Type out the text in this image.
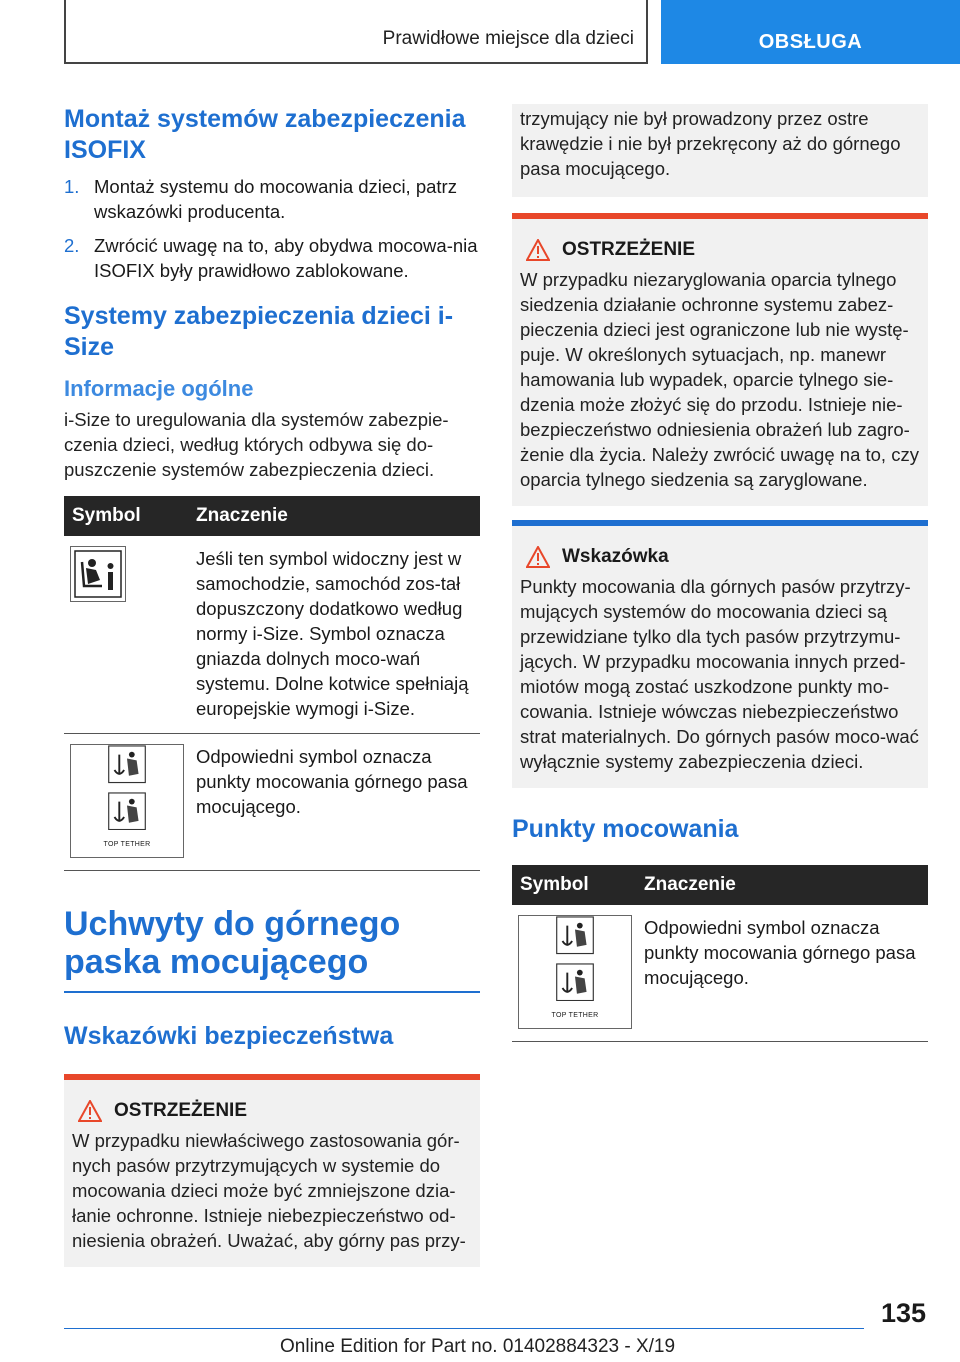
Prawidłowe miejsce dla dzieci	OBSŁUGA
Montaż systemów zabezpieczenia ISOFIX
1. Montaż systemu do mocowania dzieci, patrz wskazówki producenta.
2. Zwrócić uwagę na to, aby obydwa mocowa-nia ISOFIX były prawidłowo zablokowane.
Systemy zabezpieczenia dzieci i-Size
Informacje ogólne

i-Size to uregulowania dla systemów zabezpie-czenia dzieci, według których odbywa się do-puszczenie systemów zabezpieczenia dzieci.

Symbol	Znaczenie

	Jeśli ten symbol widoczny jest w samochodzie, samochód zos-tał dopuszczony dodatkowo według normy i-Size. Symbol oznacza gniazda dolnych moco-wań systemu. Dolne kotwice spełniają europejskie wymogi i-Size.

TOP TETHER	Odpowiedni symbol oznacza punkty mocowania górnego pasa mocującego.
Uchwyty do górnego paska mocującego
Wskazówki bezpieczeństwa
OSTRZEŻENIE

W przypadku niewłaściwego zastosowania gór-nych pasów przytrzymujących w systemie do mocowania dzieci może być zmniejszone dzia-łanie ochronne. Istnieje niebezpieczeństwo od-niesienia obrażeń. Uważać, aby górny pas przy-

trzymujący nie był prowadzony przez ostre krawędzie i nie był przekręcony aż do górnego pasa mocującego.

OSTRZEŻENIE

W przypadku niezaryglowania oparcia tylnego siedzenia działanie ochronne systemu zabez-pieczenia dzieci jest ograniczone lub nie wystę-puje. W określonych sytuacjach, np. manewr hamowania lub wypadek, oparcie tylnego sie-dzenia może złożyć się do przodu. Istnieje nie-bezpieczeństwo odniesienia obrażeń lub zagro-żenie dla życia. Należy zwrócić uwagę na to, czy oparcia tylnego siedzenia są zaryglowane.

Wskazówka

Punkty mocowania dla górnych pasów przytrzy-mujących systemów do mocowania dzieci są przewidziane tylko dla tych pasów przytrzymu-jących. W przypadku mocowania innych przed-miotów mogą zostać uszkodzone punkty mo-cowania. Istnieje wówczas niebezpieczeństwo strat materialnych. Do górnych pasów moco-wać wyłącznie systemy zabezpieczenia dzieci.

Punkty mocowania
Symbol	Znaczenie

TOP TETHER	Odpowiedni symbol oznacza punkty mocowania górnego pasa mocującego.
135
Online Edition for Part no. 01402884323 - X/19
